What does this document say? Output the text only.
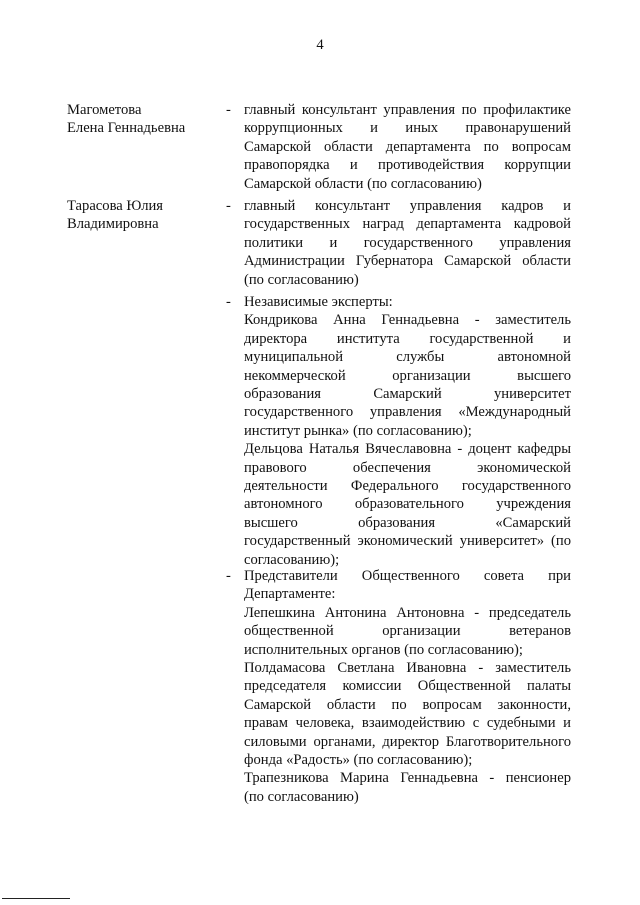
4
Магометова
Елена Геннадьевна
- главный консультант управления по профилактике

коррупционных и иных правонарушений

Самарской области департамента по вопросам

правопорядка и противодействия коррупции

Самарской области (по согласованию)

Тарасова Юлия
Владимировна
- главный консультант управления кадров и

государственных наград департамента кадровой

политики и государственного управления

Администрации Губернатора Самарской области

(по согласованию)

- Независимые эксперты:

Кондрикова Анна Геннадьевна - заместитель

директора института государственной и

муниципальной службы автономной

некоммерческой организации высшего

образования Самарский университет

государственного управления «Международный

институт рынка» (по согласованию);

Дельцова Наталья Вячеславовна - доцент кафедры

правового обеспечения экономической

деятельности Федерального государственного

автономного образовательного учреждения

высшего образования «Самарский

государственный экономический университет» (по

согласованию);

- Представители Общественного совета при

Департаменте:

Лепешкина Антонина Антоновна - председатель

общественной организации ветеранов

исполнительных органов (по согласованию);

Полдамасова Светлана Ивановна - заместитель

председателя комиссии Общественной палаты

Самарской области по вопросам законности,

правам человека, взаимодействию с судебными и

силовыми органами, директор Благотворительного

фонда «Радость» (по согласованию);

Трапезникова Марина Геннадьевна - пенсионер

(по согласованию)
